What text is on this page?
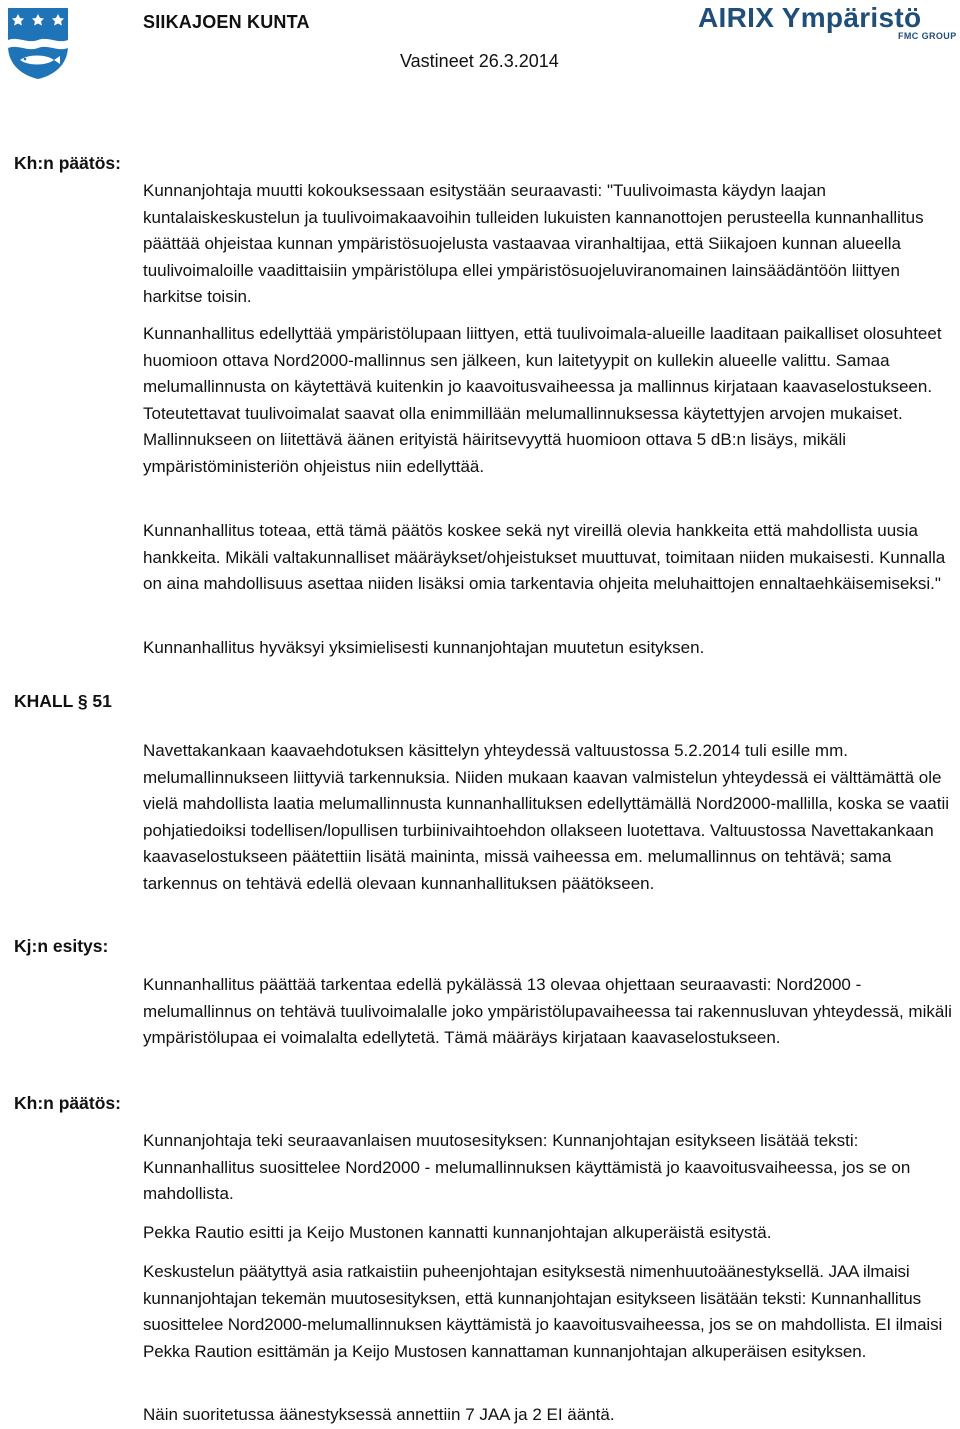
SIIKAJOEN KUNTA
Vastineet 26.3.2014
AIRIX Ympäristö
FMC GROUP
Kh:n päätös:
KHALL § 51
Kj:n esitys:
Kh:n päätös:

Kunnanjohtaja muutti kokouksessaan esitystään seuraavasti: "Tuulivoimasta käydyn laajan kuntalaiskeskustelun ja tuulivoimakaavoihin tulleiden lukuisten kannanottojen perusteella kunnanhallitus päättää ohjeistaa kunnan ympäristösuojelusta vastaavaa viranhaltijaa, että Siikajoen kunnan alueella tuulivoimaloille vaadittaisiin ympäristölupa ellei ympäristösuojeluviranomainen lainsäädäntöön liittyen harkitse toisin.

Kunnanhallitus edellyttää ympäristölupaan liittyen, että tuulivoimala-alueille laaditaan paikalliset olosuhteet huomioon ottava Nord2000-mallinnus sen jälkeen, kun laitetyypit on kullekin alueelle valittu. Samaa melumallinnusta on käytettävä kuitenkin jo kaavoitusvaiheessa ja mallinnus kirjataan kaavaselostukseen. Toteutettavat tuulivoimalat saavat olla enimmillään melumallinnuksessa käytettyjen arvojen mukaiset. Mallinnukseen on liitettävä äänen erityistä häiritsevyyttä huomioon ottava 5 dB:n lisäys, mikäli ympäristöministeriön ohjeistus niin edellyttää.

Kunnanhallitus toteaa, että tämä päätös koskee sekä nyt vireillä olevia hankkeita että mahdollista uusia hankkeita. Mikäli valtakunnalliset määräykset/ohjeistukset muuttuvat, toimitaan niiden mukaisesti. Kunnalla on aina mahdollisuus asettaa niiden lisäksi omia tarkentavia ohjeita meluhaittojen ennaltaehkäisemiseksi."

Kunnanhallitus hyväksyi yksimielisesti kunnanjohtajan muutetun esityksen.

Navettakankaan kaavaehdotuksen käsittelyn yhteydessä valtuustossa 5.2.2014 tuli esille mm. melumallinnukseen liittyviä tarkennuksia. Niiden mukaan kaavan valmistelun yhteydessä ei välttämättä ole vielä mahdollista laatia melumallinnusta kunnanhallituksen edellyttämällä Nord2000-mallilla, koska se vaatii pohjatiedoiksi todellisen/lopullisen turbiinivaihtoehdon ollakseen luotettava. Valtuustossa Navettakankaan kaavaselostukseen päätettiin lisätä maininta, missä vaiheessa em. melumallinnus on tehtävä; sama tarkennus on tehtävä edellä olevaan kunnanhallituksen päätökseen.

Kunnanhallitus päättää tarkentaa edellä pykälässä 13 olevaa ohjettaan seuraavasti: Nord2000 -melumallinnus on tehtävä tuulivoimalalle joko ympäristölupavaiheessa tai rakennusluvan yhteydessä, mikäli ympäristölupaa ei voimalalta edellytetä. Tämä määräys kirjataan kaavaselostukseen.

Kunnanjohtaja teki seuraavanlaisen muutosesityksen: Kunnanjohtajan esitykseen lisätää teksti: Kunnanhallitus suosittelee Nord2000 - melumallinnuksen käyttämistä jo kaavoitusvaiheessa, jos se on mahdollista.

Pekka Rautio esitti ja Keijo Mustonen kannatti kunnanjohtajan alkuperäistä esitystä.

Keskustelun päätyttyä asia ratkaistiin puheenjohtajan esityksestä nimenhuutoäänestyksellä. JAA ilmaisi kunnanjohtajan tekemän muutosesityksen, että kunnanjohtajan esitykseen lisätään teksti: Kunnanhallitus suosittelee Nord2000-melumallinnuksen käyttämistä jo kaavoitusvaiheessa, jos se on mahdollista. EI ilmaisi Pekka Raution esittämän ja Keijo Mustosen kannattaman kunnanjohtajan alkuperäisen esityksen.

Näin suoritetussa äänestyksessä annettiin 7 JAA ja 2 EI ääntä.
